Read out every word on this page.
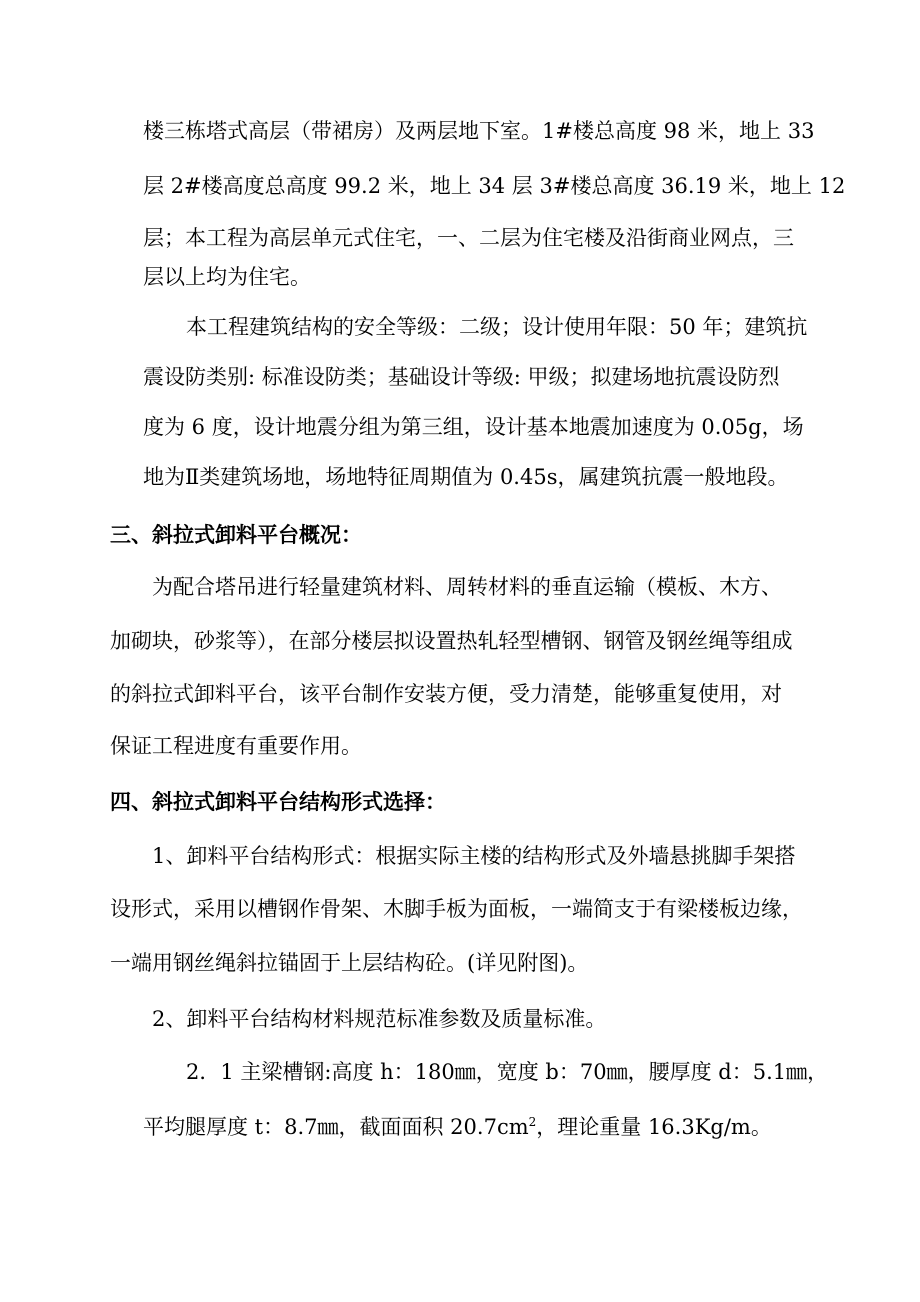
楼三栋塔式高层（带裙房）及两层地下室。1#楼总高度 98 米，地上 33
层 2#楼高度总高度 99.2 米，地上 34 层 3#楼总高度 36.19 米，地上 12
层；本工程为高层单元式住宅，一、二层为住宅楼及沿街商业网点，三
层以上均为住宅。
本工程建筑结构的安全等级：二级；设计使用年限：50 年；建筑抗
震设防类别: 标准设防类；基础设计等级: 甲级；拟建场地抗震设防烈
度为 6 度，设计地震分组为第三组，设计基本地震加速度为 0.05g，场
地为Ⅱ类建筑场地，场地特征周期值为 0.45s，属建筑抗震一般地段。
三、斜拉式卸料平台概况：
为配合塔吊进行轻量建筑材料、周转材料的垂直运输（模板、木方、
加砌块，砂浆等），在部分楼层拟设置热轧轻型槽钢、钢管及钢丝绳等组成
的斜拉式卸料平台，该平台制作安装方便，受力清楚，能够重复使用，对
保证工程进度有重要作用。
四、斜拉式卸料平台结构形式选择：
1、卸料平台结构形式：根据实际主楼的结构形式及外墙悬挑脚手架搭
设形式，采用以槽钢作骨架、木脚手板为面板，一端简支于有梁楼板边缘，
一端用钢丝绳斜拉锚固于上层结构砼。(详见附图)。
2、卸料平台结构材料规范标准参数及质量标准。
2．1 主梁槽钢:高度 h：180㎜，宽度 b：70㎜，腰厚度 d：5.1㎜，
平均腿厚度 t：8.7㎜，截面面积 $20.7cm^2$，理论重量 16.3Kg/m。
